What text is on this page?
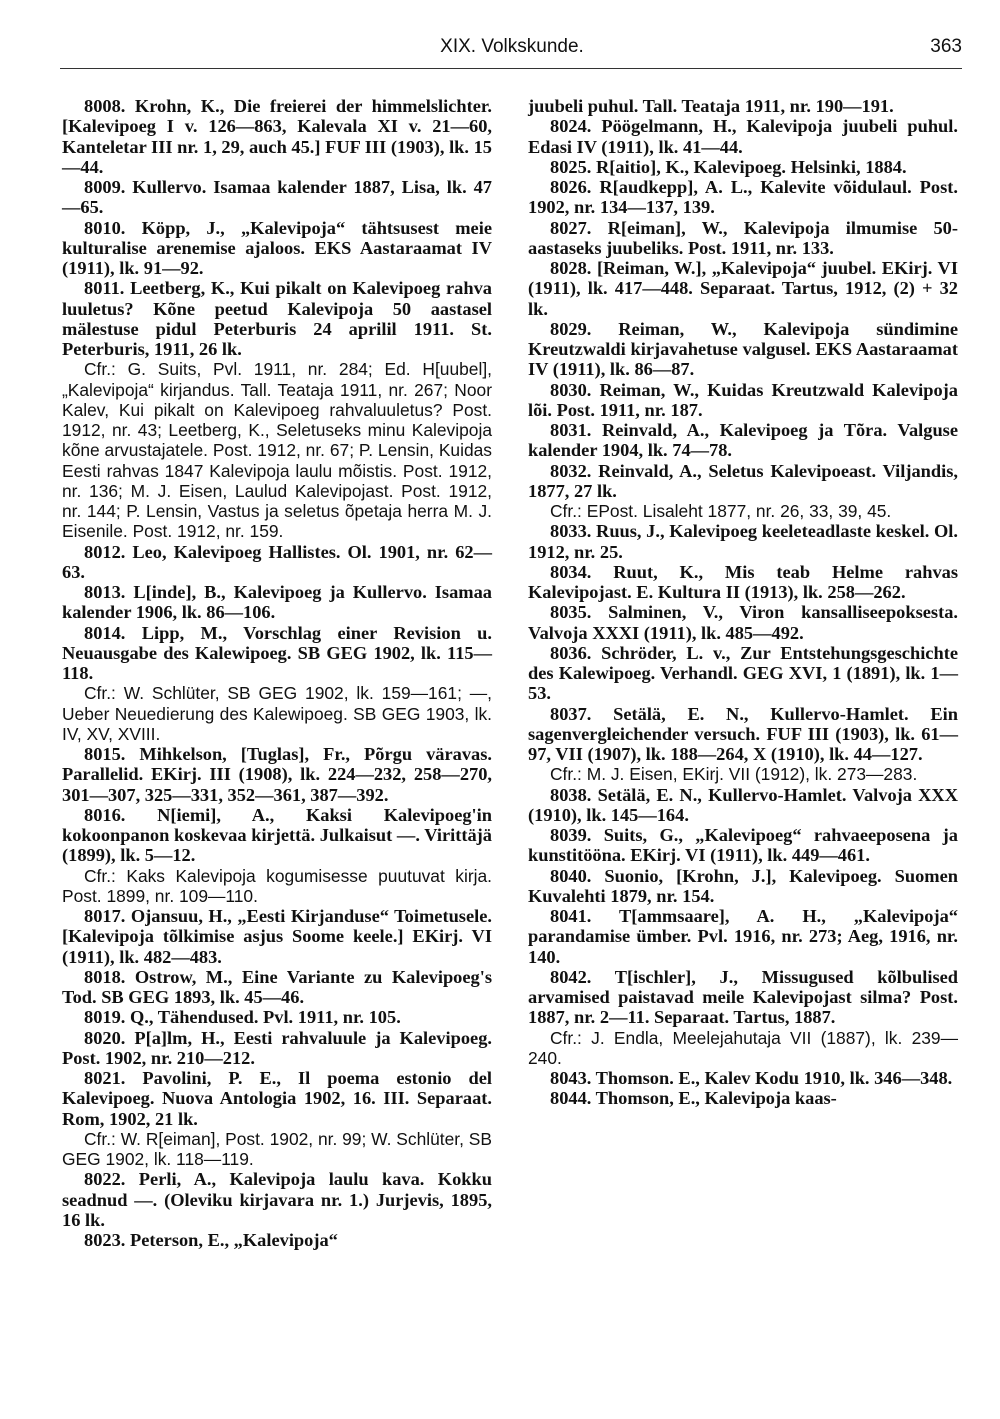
XIX. Volkskunde.	363

8008. Krohn, K., Die freierei der himmelslichter. [Kalevipoeg I v. 126—863, Kalevala XI v. 21—60, Kanteletar III nr. 1, 29, auch 45.] FUF III (1903), lk. 15—44.

8009. Kullervo. Isamaa kalender 1887, Lisa, lk. 47—65.

8010. Köpp, J., „Kalevipoja“ tähtsusest meie kulturalise arenemise ajaloos. EKS Aastaraamat IV (1911), lk. 91—92.

8011. Leetberg, K., Kui pikalt on Kalevipoeg rahva luuletus? Kõne peetud Kalevipoja 50 aastasel mälestuse pidul Peterburis 24 aprilil 1911. St. Peterburis, 1911, 26 lk.

Cfr.: G. Suits, Pvl. 1911, nr. 284; Ed. H[uubel], „Kalevipoja“ kirjandus. Tall. Teataja 1911, nr. 267; Noor Kalev, Kui pikalt on Kalevipoeg rahvaluuletus? Post. 1912, nr. 43; Leetberg, K., Seletuseks minu Kalevipoja kõne arvustajatele. Post. 1912, nr. 67; P. Lensin, Kuidas Eesti rahvas 1847 Kalevipoja laulu mõistis. Post. 1912, nr. 136; M. J. Eisen, Laulud Kalevipojast. Post. 1912, nr. 144; P. Lensin, Vastus ja seletus õpetaja herra M. J. Eisenile. Post. 1912, nr. 159.

8012. Leo, Kalevipoeg Hallistes. Ol. 1901, nr. 62—63.

8013. L[inde], B., Kalevipoeg ja Kullervo. Isamaa kalender 1906, lk. 86—106.

8014. Lipp, M., Vorschlag einer Revision u. Neuausgabe des Kalewipoeg. SB GEG 1902, lk. 115—118.

Cfr.: W. Schlüter, SB GEG 1902, lk. 159—161; —, Ueber Neuedierung des Kalewipoeg. SB GEG 1903, lk. IV, XV, XVIII.

8015. Mihkelson, [Tuglas], Fr., Põrgu väravas. Parallelid. EKirj. III (1908), lk. 224—232, 258—270, 301—307, 325—331, 352—361, 387—392.

8016. N[iemi], A., Kaksi Kalevipoeg'in kokoonpanon koskevaa kirjettä. Julkaisut —. Virittäjä (1899), lk. 5—12.

Cfr.: Kaks Kalevipoja kogumisesse puutuvat kirja. Post. 1899, nr. 109—110.

8017. Ojansuu, H., „Eesti Kirjanduse“ Toimetusele. [Kalevipoja tõlkimise asjus Soome keele.] EKirj. VI (1911), lk. 482—483.

8018. Ostrow, M., Eine Variante zu Kalevipoeg's Tod. SB GEG 1893, lk. 45—46.

8019. Q., Tähendused. Pvl. 1911, nr. 105.

8020. P[a]lm, H., Eesti rahvaluule ja Kalevipoeg. Post. 1902, nr. 210—212.

8021. Pavolini, P. E., Il poema estonio del Kalevipoeg. Nuova Antologia 1902, 16. III. Separaat. Rom, 1902, 21 lk.

Cfr.: W. R[eiman], Post. 1902, nr. 99; W. Schlüter, SB GEG 1902, lk. 118—119.

8022. Perli, A., Kalevipoja laulu kava. Kokku seadnud —. (Oleviku kirjavara nr. 1.) Jurjevis, 1895, 16 lk.

8023. Peterson, E., „Kalevipoja“

juubeli puhul. Tall. Teataja 1911, nr. 190—191.

8024. Pöögelmann, H., Kalevipoja juubeli puhul. Edasi IV (1911), lk. 41—44.

8025. R[aitio], K., Kalevipoeg. Helsinki, 1884.

8026. R[audkepp], A. L., Kalevite võidulaul. Post. 1902, nr. 134—137, 139.

8027. R[eiman], W., Kalevipoja ilmumise 50-aastaseks juubeliks. Post. 1911, nr. 133.

8028. [Reiman, W.], „Kalevipoja“ juubel. EKirj. VI (1911), lk. 417—448. Separaat. Tartus, 1912, (2) + 32 lk.

8029. Reiman, W., Kalevipoja sündimine Kreutzwaldi kirjavahetuse valgusel. EKS Aastaraamat IV (1911), lk. 86—87.

8030. Reiman, W., Kuidas Kreutzwald Kalevipoja lõi. Post. 1911, nr. 187.

8031. Reinvald, A., Kalevipoeg ja Tõra. Valguse kalender 1904, lk. 74—78.

8032. Reinvald, A., Seletus Kalevipoeast. Viljandis, 1877, 27 lk.

Cfr.: EPost. Lisaleht 1877, nr. 26, 33, 39, 45.

8033. Ruus, J., Kalevipoeg keeleteadlaste keskel. Ol. 1912, nr. 25.

8034. Ruut, K., Mis teab Helme rahvas Kalevipojast. E. Kultura II (1913), lk. 258—262.

8035. Salminen, V., Viron kansalliseepoksesta. Valvoja XXXI (1911), lk. 485—492.

8036. Schröder, L. v., Zur Entstehungsgeschichte des Kalewipoeg. Verhandl. GEG XVI, 1 (1891), lk. 1—53.

8037. Setälä, E. N., Kullervo-Hamlet. Ein sagenvergleichender versuch. FUF III (1903), lk. 61—97, VII (1907), lk. 188—264, X (1910), lk. 44—127.

Cfr.: M. J. Eisen, EKirj. VII (1912), lk. 273—283.

8038. Setälä, E. N., Kullervo-Hamlet. Valvoja XXX (1910), lk. 145—164.

8039. Suits, G., „Kalevipoeg“ rahvaeeposena ja kunstitööna. EKirj. VI (1911), lk. 449—461.

8040. Suonio, [Krohn, J.], Kalevipoeg. Suomen Kuvalehti 1879, nr. 154.

8041. T[ammsaare], A. H., „Kalevipoja“ parandamise ümber. Pvl. 1916, nr. 273; Aeg, 1916, nr. 140.

8042. T[ischler], J., Missugused kõlbulised arvamised paistavad meile Kalevipojast silma? Post. 1887, nr. 2—11. Separaat. Tartus, 1887.

Cfr.: J. Endla, Meelejahutaja VII (1887), lk. 239—240.

8043. Thomson. E., Kalev Kodu 1910, lk. 346—348.

8044. Thomson, E., Kalevipoja kaas-
